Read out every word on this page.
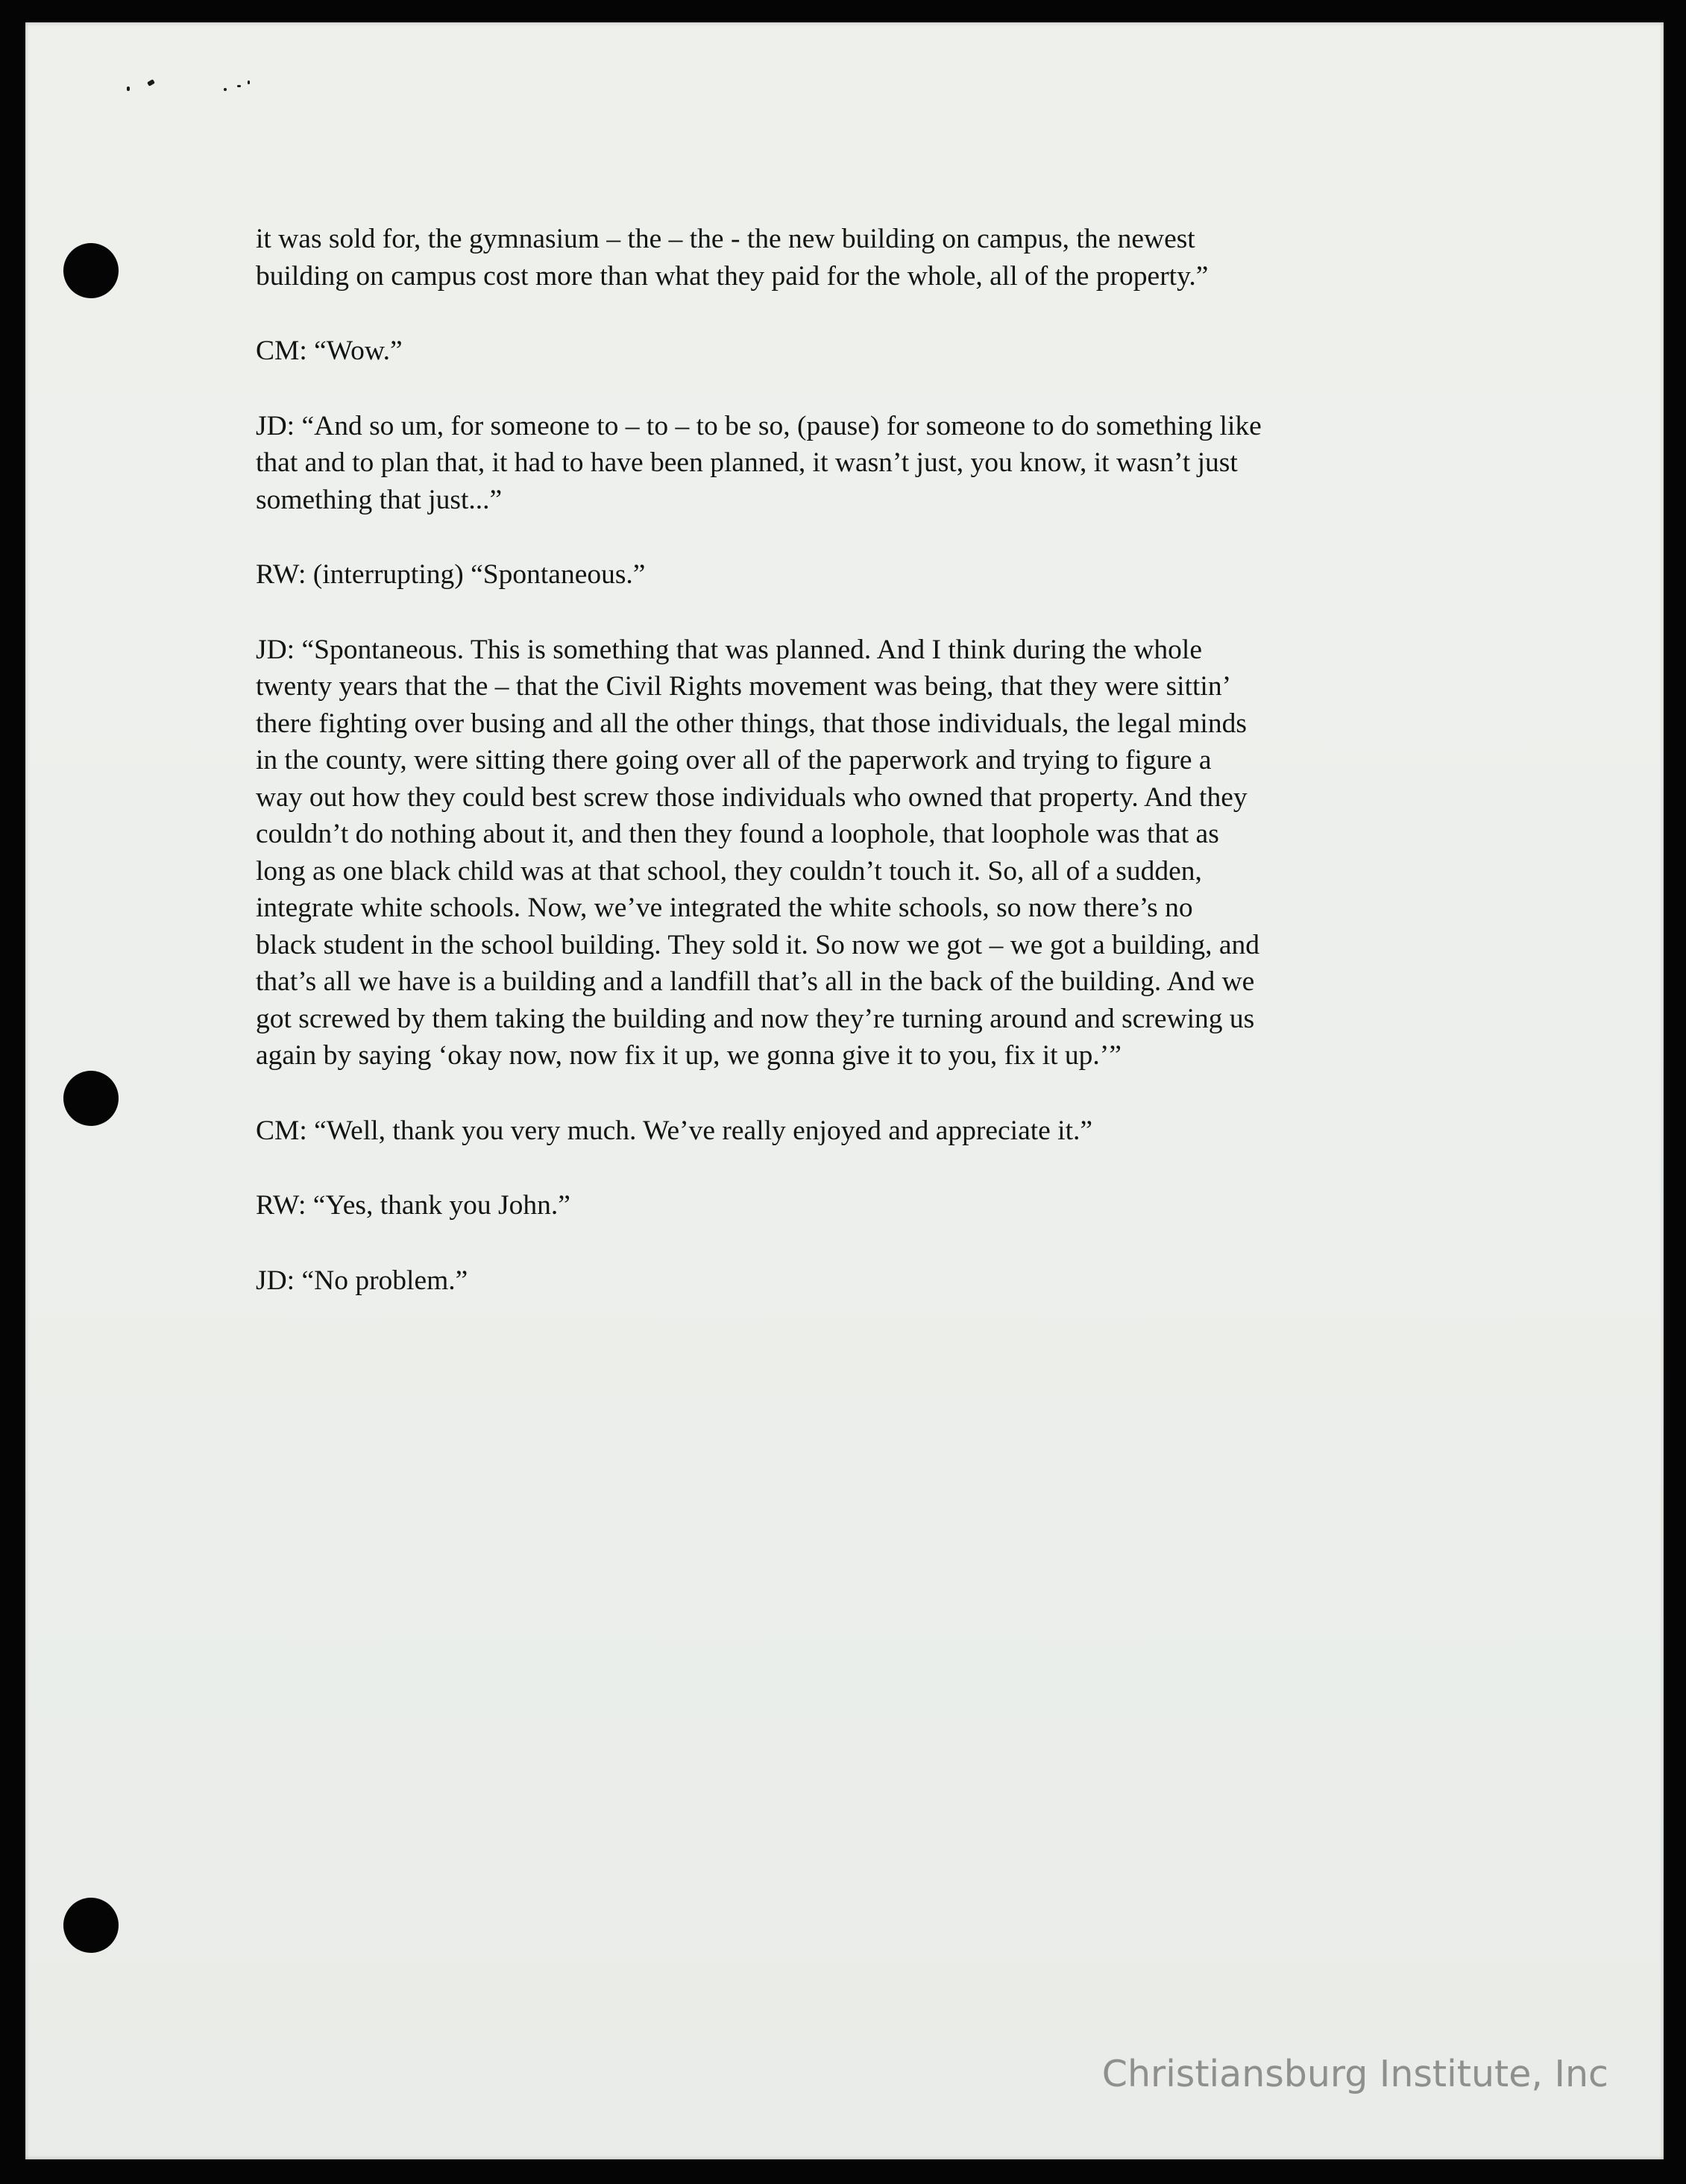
it was sold for, the gymnasium – the – the - the new building on campus, the newest
building on campus cost more than what they paid for the whole, all of the property.”

CM: “Wow.”

JD: “And so um, for someone to – to – to be so, (pause) for someone to do something like
that and to plan that, it had to have been planned, it wasn’t just, you know, it wasn’t just
something that just...”

RW: (interrupting) “Spontaneous.”

JD: “Spontaneous. This is something that was planned. And I think during the whole
twenty years that the – that the Civil Rights movement was being, that they were sittin’
there fighting over busing and all the other things, that those individuals, the legal minds
in the county, were sitting there going over all of the paperwork and trying to figure a
way out how they could best screw those individuals who owned that property. And they
couldn’t do nothing about it, and then they found a loophole, that loophole was that as
long as one black child was at that school, they couldn’t touch it. So, all of a sudden,
integrate white schools. Now, we’ve integrated the white schools, so now there’s no
black student in the school building. They sold it. So now we got – we got a building, and
that’s all we have is a building and a landfill that’s all in the back of the building. And we
got screwed by them taking the building and now they’re turning around and screwing us
again by saying ‘okay now, now fix it up, we gonna give it to you, fix it up.’”

CM: “Well, thank you very much. We’ve really enjoyed and appreciate it.”

RW: “Yes, thank you John.”

JD: “No problem.”

Christiansburg Institute, Inc
